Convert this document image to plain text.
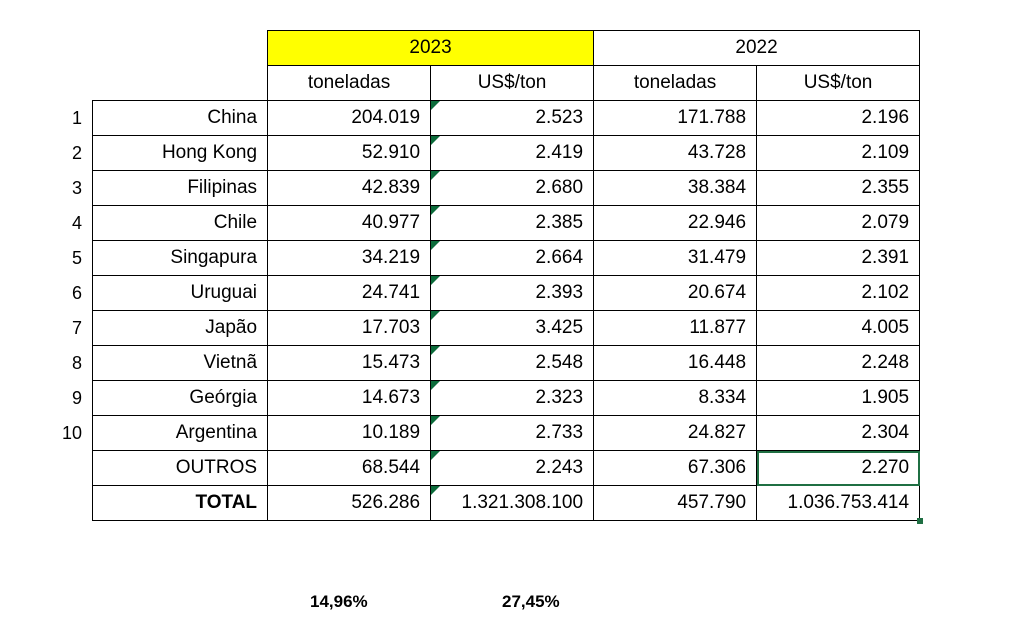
		2023		2022	
		toneladas	US$/ton	toneladas	US$/ton
1	China	204.019	2.523	171.788	2.196
2	Hong Kong	52.910	2.419	43.728	2.109
3	Filipinas	42.839	2.680	38.384	2.355
4	Chile	40.977	2.385	22.946	2.079
5	Singapura	34.219	2.664	31.479	2.391
6	Uruguai	24.741	2.393	20.674	2.102
7	Japão	17.703	3.425	11.877	4.005
8	Vietnã	15.473	2.548	16.448	2.248
9	Geórgia	14.673	2.323	8.334	1.905
10	Argentina	10.189	2.733	24.827	2.304
	OUTROS	68.544	2.243	67.306	2.270

	TOTAL	526.286	1.321.308.100	457.790	1.036.753.414
14,96%	27,45%
